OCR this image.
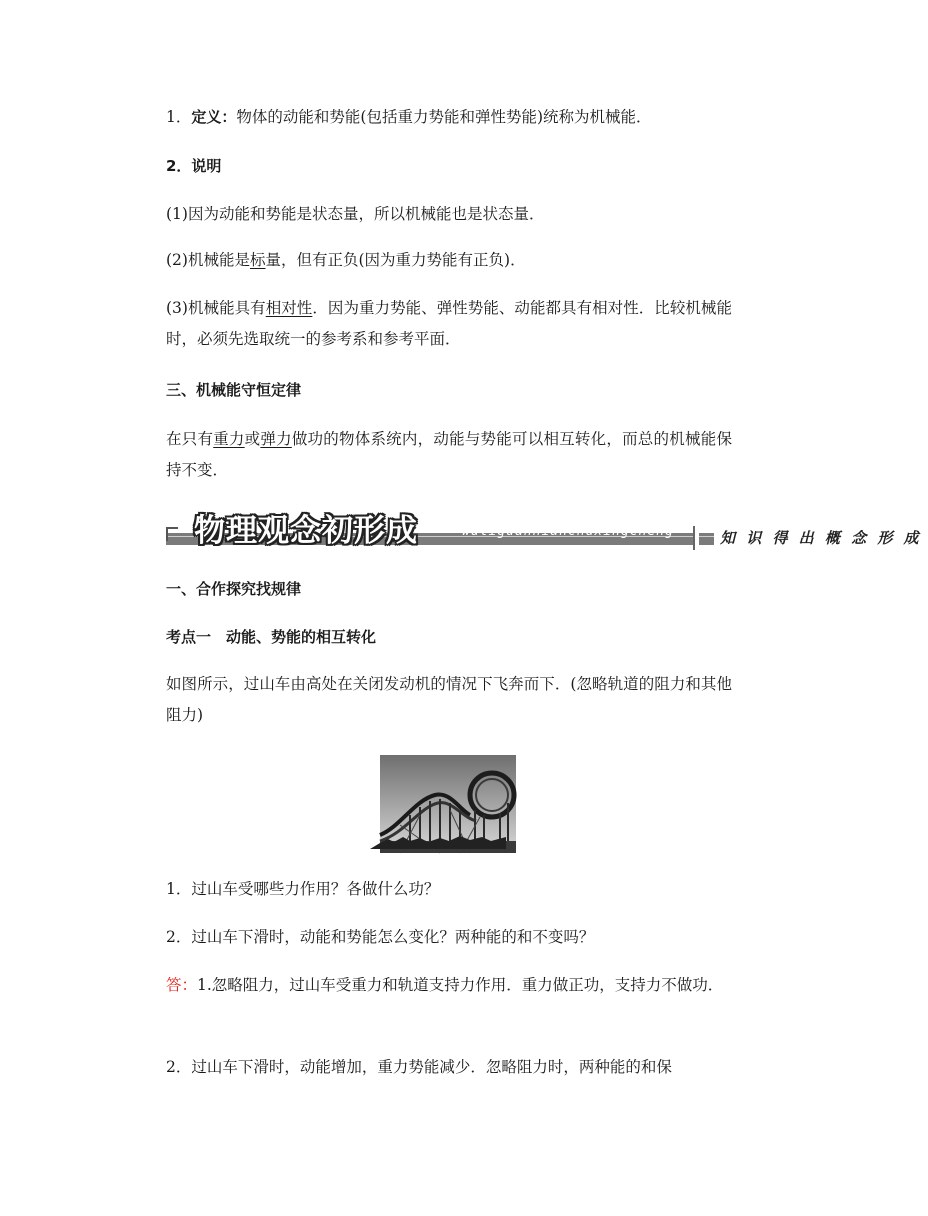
1．定义：物体的动能和势能(包括重力势能和弹性势能)统称为机械能．

2．说明

(1)因为动能和势能是状态量，所以机械能也是状态量．

(2)机械能是标量，但有正负(因为重力势能有正负)．

(3)机械能具有相对性．因为重力势能、弹性势能、动能都具有相对性．比较机械能时，必须先选取统一的参考系和参考平面．

三、机械能守恒定律

在只有重力或弹力做功的物体系统内，动能与势能可以相互转化，而总的机械能保持不变．

物理观念初形成	wuliguannianchuxingcheng	知 识 得 出 概 念 形 成

一、合作探究找规律

考点一　动能、势能的相互转化

如图所示，过山车由高处在关闭发动机的情况下飞奔而下．(忽略轨道的阻力和其他阻力)

1．过山车受哪些力作用？各做什么功？

2．过山车下滑时，动能和势能怎么变化？两种能的和不变吗？

答：1.忽略阻力，过山车受重力和轨道支持力作用．重力做正功，支持力不做功．

2．过山车下滑时，动能增加，重力势能减少．忽略阻力时，两种能的和保
